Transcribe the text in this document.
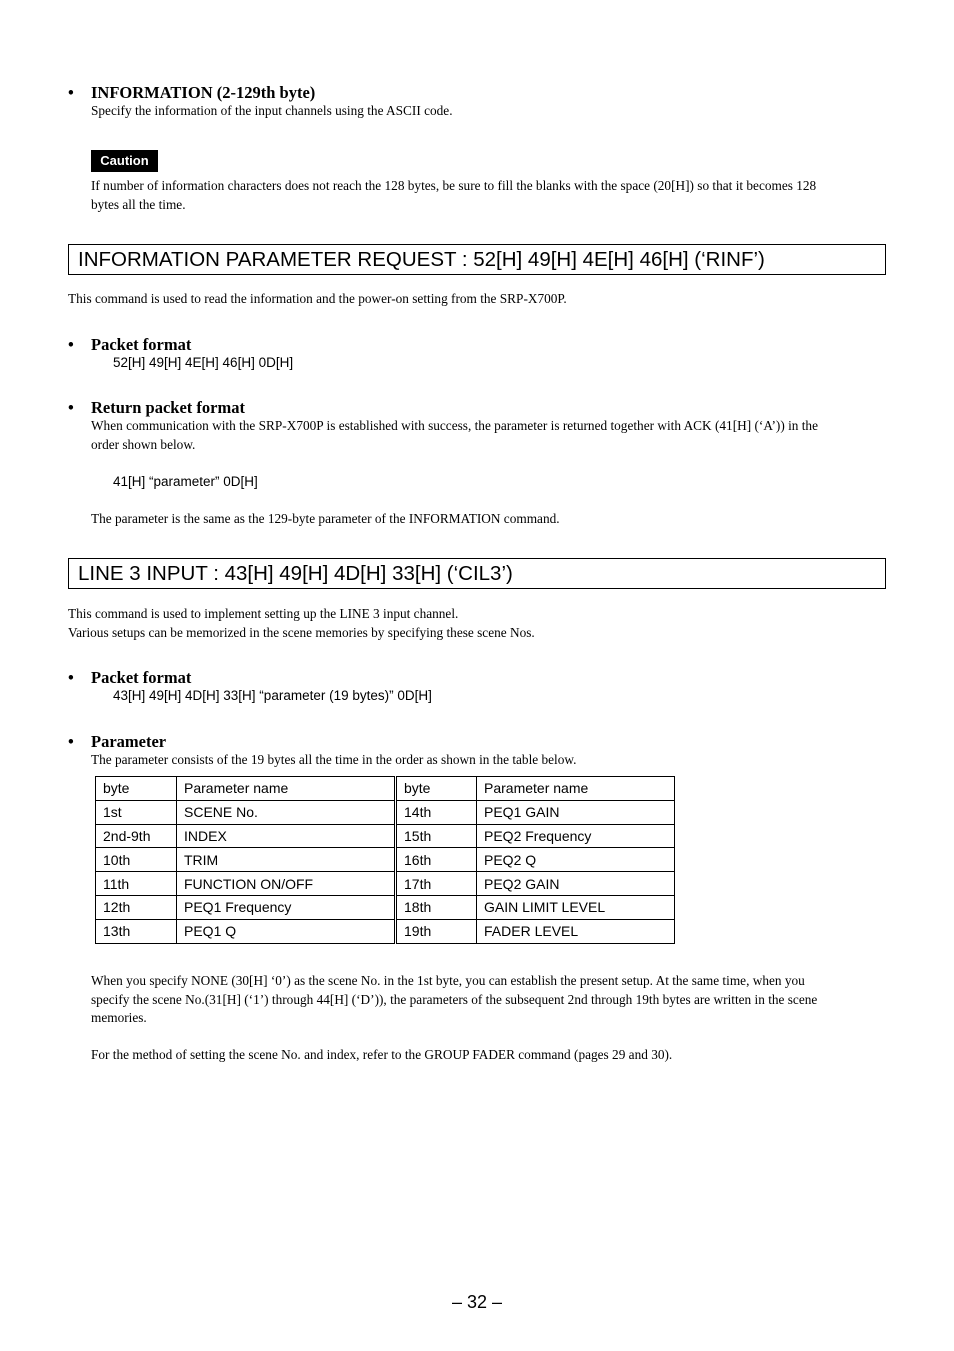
• INFORMATION (2-129th byte)
Specify the information of the input channels using the ASCII code.
Caution
If number of information characters does not reach the 128 bytes, be sure to fill the blanks with the space (20[H]) so that it becomes 128
bytes all the time.
INFORMATION PARAMETER REQUEST : 52[H] 49[H] 4E[H] 46[H] (‘RINF’)
This command is used to read the information and the power-on setting from the SRP-X700P.
• Packet format
52[H] 49[H] 4E[H] 46[H] 0D[H]
• Return packet format
When communication with the SRP-X700P is established with success, the parameter is returned together with ACK (41[H] (‘A’)) in the
order shown below.
41[H] “parameter” 0D[H]
The parameter is the same as the 129-byte parameter of the INFORMATION command.
LINE 3 INPUT : 43[H] 49[H] 4D[H] 33[H] (‘CIL3’)
This command is used to implement setting up the LINE 3 input channel.
Various setups can be memorized in the scene memories by specifying these scene Nos.
• Packet format
43[H] 49[H] 4D[H] 33[H] “parameter (19 bytes)” 0D[H]
• Parameter
The parameter consists of the 19 bytes all the time in the order as shown in the table below.
byte	Parameter name	byte	Parameter name
1st	SCENE No.	14th	PEQ1 GAIN
2nd-9th	INDEX	15th	PEQ2 Frequency
10th	TRIM	16th	PEQ2 Q
11th	FUNCTION ON/OFF	17th	PEQ2 GAIN
12th	PEQ1 Frequency	18th	GAIN LIMIT LEVEL
13th	PEQ1 Q	19th	FADER LEVEL
When you specify NONE (30[H] ‘0’) as the scene No. in the 1st byte, you can establish the present setup. At the same time, when you
specify the scene No.(31[H] (‘1’) through 44[H] (‘D’)), the parameters of the subsequent 2nd through 19th bytes are written in the scene
memories.
For the method of setting the scene No. and index, refer to the GROUP FADER command (pages 29 and 30).
– 32 –
